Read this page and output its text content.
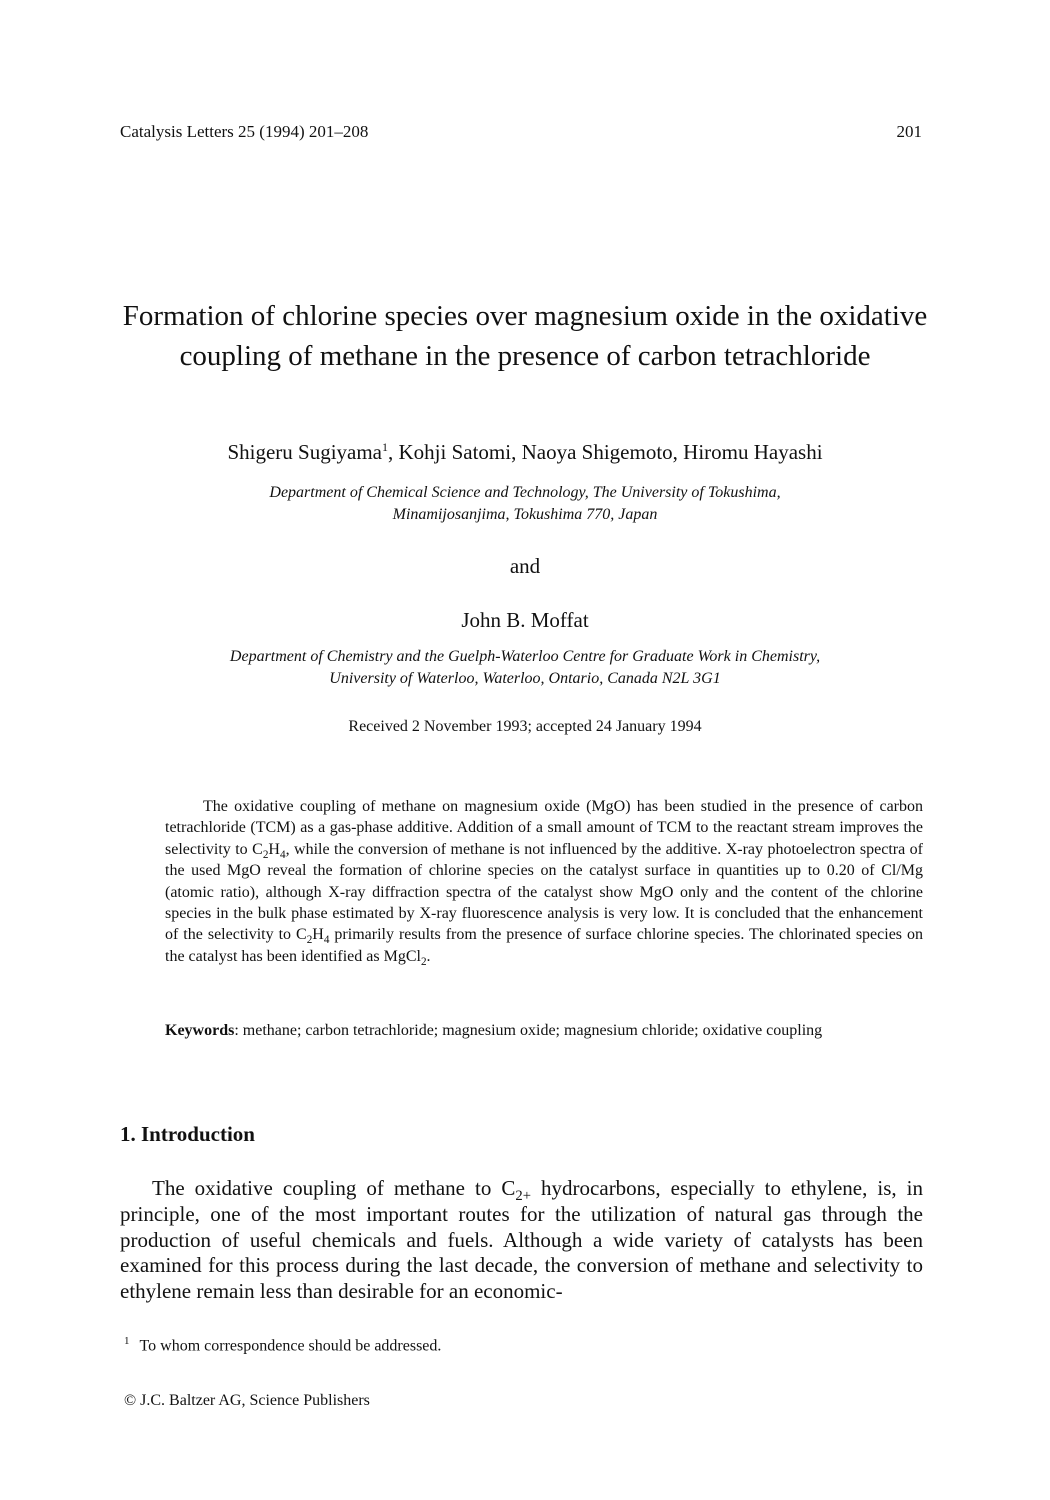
Catalysis Letters 25 (1994) 201–208	201
Formation of chlorine species over magnesium oxide in the oxidative coupling of methane in the presence of carbon tetrachloride
Shigeru Sugiyama$^1$, Kohji Satomi, Naoya Shigemoto, Hiromu Hayashi
Department of Chemical Science and Technology, The University of Tokushima,
Minamijosanjima, Tokushima 770, Japan
and
John B. Moffat
Department of Chemistry and the Guelph-Waterloo Centre for Graduate Work in Chemistry,
University of Waterloo, Waterloo, Ontario, Canada N2L 3G1
Received 2 November 1993; accepted 24 January 1994

The oxidative coupling of methane on magnesium oxide (MgO) has been studied in the presence of carbon tetrachloride (TCM) as a gas-phase additive. Addition of a small amount of TCM to the reactant stream improves the selectivity to $C_2H_4$, while the conversion of methane is not influenced by the additive. X-ray photoelectron spectra of the used MgO reveal the formation of chlorine species on the catalyst surface in quantities up to 0.20 of Cl/Mg (atomic ratio), although X-ray diffraction spectra of the catalyst show MgO only and the content of the chlorine species in the bulk phase estimated by X-ray fluorescence analysis is very low. It is concluded that the enhancement of the selectivity to $C_2H_4$ primarily results from the presence of surface chlorine species. The chlorinated species on the catalyst has been identified as MgCl$_2$.

Keywords: methane; carbon tetrachloride; magnesium oxide; magnesium chloride; oxidative coupling

1. Introduction

The oxidative coupling of methane to $C_{2+}$ hydrocarbons, especially to ethylene, is, in principle, one of the most important routes for the utilization of natural gas through the production of useful chemicals and fuels. Although a wide variety of catalysts has been examined for this process during the last decade, the conversion of methane and selectivity to ethylene remain less than desirable for an economic-

$^1$ To whom correspondence should be addressed.
© J.C. Baltzer AG, Science Publishers
